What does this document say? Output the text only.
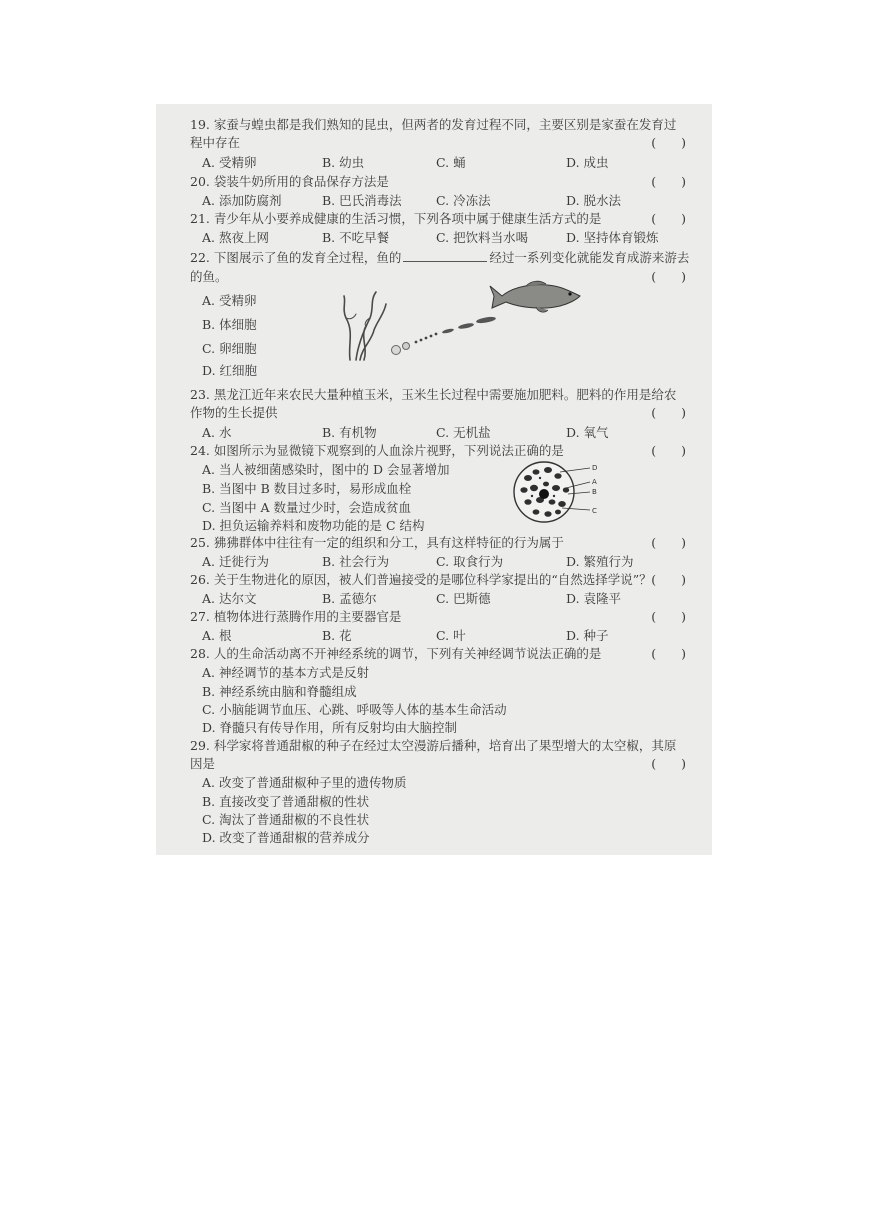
19. 家蚕与蝗虫都是我们熟知的昆虫，但两者的发育过程不同，主要区别是家蚕在发育过
程中存在	(　　)
A. 受精卵	B. 幼虫	C. 蛹	D. 成虫
20. 袋装牛奶所用的食品保存方法是	(　　)
A. 添加防腐剂	B. 巴氏消毒法	C. 冷冻法	D. 脱水法
21. 青少年从小要养成健康的生活习惯，下列各项中属于健康生活方式的是	(　　)
A. 熬夜上网	B. 不吃早餐	C. 把饮料当水喝	D. 坚持体育锻炼
22. 下图展示了鱼的发育全过程，鱼的	经过一系列变化就能发育成游来游去
的鱼。	(　　)
A. 受精卵
B. 体细胞
C. 卵细胞
D. 红细胞
23. 黑龙江近年来农民大量种植玉米，玉米生长过程中需要施加肥料。肥料的作用是给农
作物的生长提供	(　　)
A. 水	B. 有机物	C. 无机盐	D. 氧气
24. 如图所示为显微镜下观察到的人血涂片视野，下列说法正确的是	(　　)
A. 当人被细菌感染时，图中的 D 会显著增加
B. 当图中 B 数目过多时，易形成血栓
C. 当图中 A 数量过少时，会造成贫血
D. 担负运输养料和废物功能的是 C 结构
D
A
B
C
25. 狒狒群体中往往有一定的组织和分工，具有这样特征的行为属于	(　　)
A. 迁徙行为	B. 社会行为	C. 取食行为	D. 繁殖行为
26. 关于生物进化的原因，被人们普遍接受的是哪位科学家提出的“自然选择学说”？ (　　)
A. 达尔文	B. 孟德尔	C. 巴斯德	D. 袁隆平
27. 植物体进行蒸腾作用的主要器官是	(　　)
A. 根	B. 花	C. 叶	D. 种子
28. 人的生命活动离不开神经系统的调节，下列有关神经调节说法正确的是	(　　)
A. 神经调节的基本方式是反射
B. 神经系统由脑和脊髓组成
C. 小脑能调节血压、心跳、呼吸等人体的基本生命活动
D. 脊髓只有传导作用，所有反射均由大脑控制
29. 科学家将普通甜椒的种子在经过太空漫游后播种，培育出了果型增大的太空椒，其原
因是	(　　)
A. 改变了普通甜椒种子里的遗传物质
B. 直接改变了普通甜椒的性状
C. 淘汰了普通甜椒的不良性状
D. 改变了普通甜椒的营养成分
